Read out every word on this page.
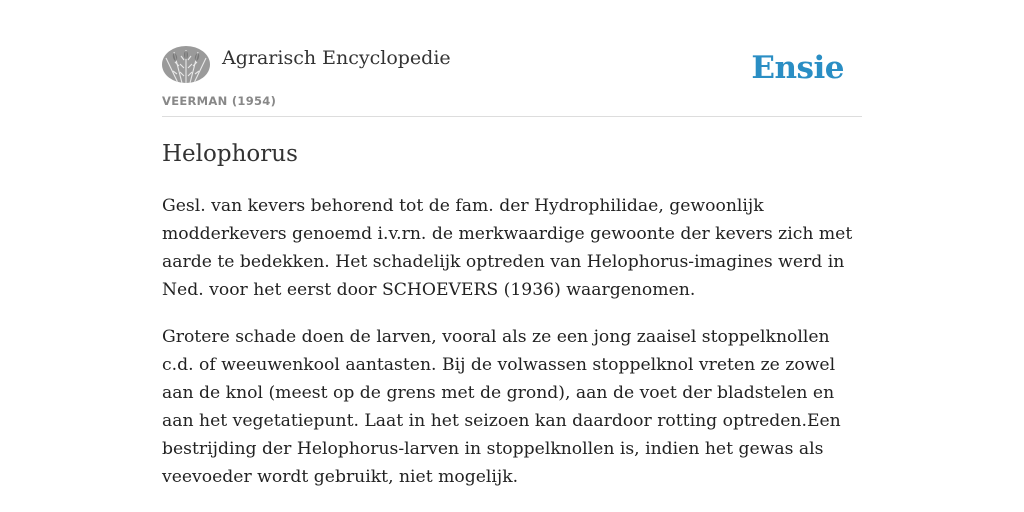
Agrarisch Encyclopedie
VEERMAN (1954)
Ensie
Helophorus

Gesl. van kevers behorend tot de fam. der Hydrophilidae, gewoonlijk modderkevers genoemd i.v.rn. de merkwaardige gewoonte der kevers zich met aarde te bedekken. Het schadelijk optreden van Helophorus-imagines werd in Ned. voor het eerst door SCHOEVERS (1936) waargenomen.

Grotere schade doen de larven, vooral als ze een jong zaaisel stoppelknollen c.d. of weeuwenkool aantasten. Bij de volwassen stoppelknol vreten ze zowel aan de knol (meest op de grens met de grond), aan de voet der bladstelen en aan het vegetatiepunt. Laat in het seizoen kan daardoor rotting optreden.Een bestrijding der Helophorus-larven in stoppelknollen is, indien het gewas als veevoeder wordt gebruikt, niet mogelijk.
